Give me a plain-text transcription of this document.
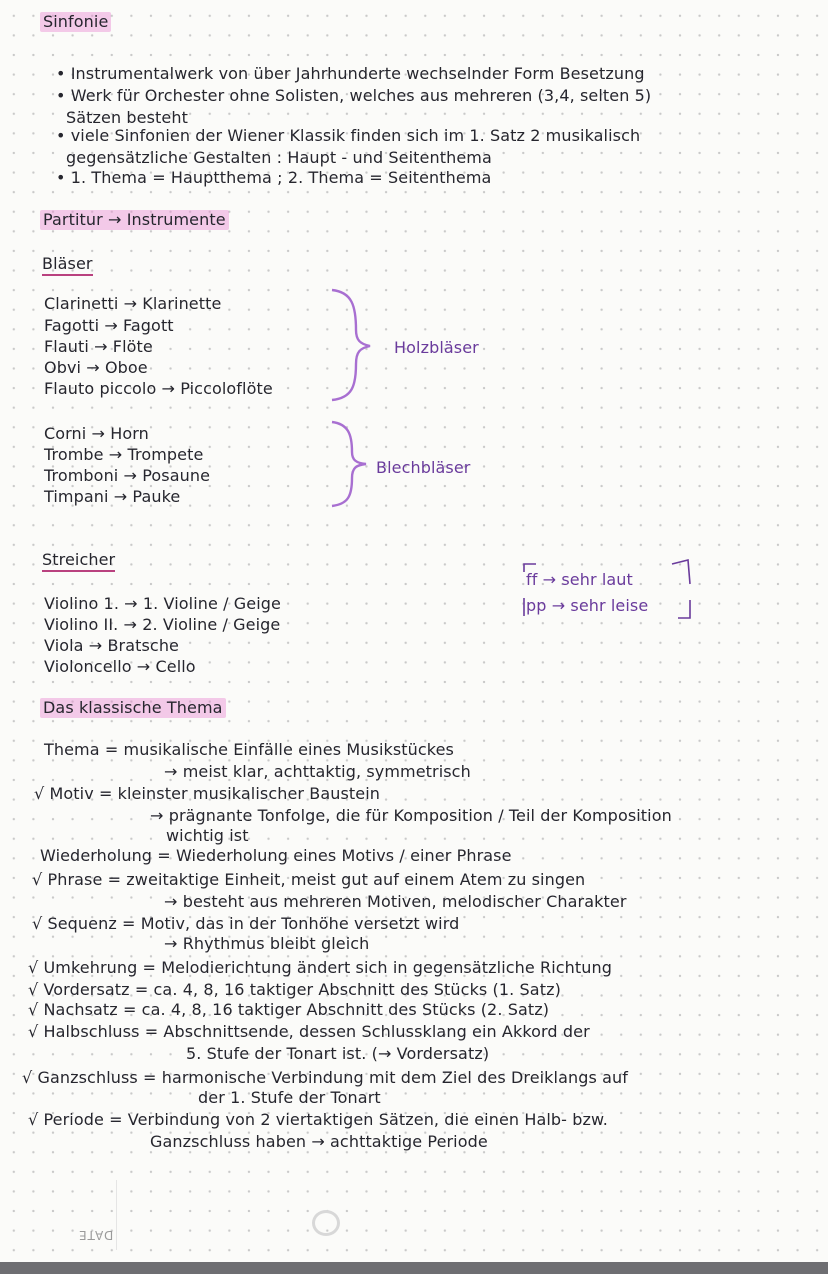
Sinfonie
• Instrumentalwerk von über Jahrhunderte wechselnder Form Besetzung
• Werk für Orchester ohne Solisten, welches aus mehreren (3,4, selten 5)
Sätzen besteht
• viele Sinfonien der Wiener Klassik finden sich im 1. Satz 2 musikalisch
gegensätzliche Gestalten : Haupt - und Seitenthema
• 1. Thema = Hauptthema ; 2. Thema = Seitenthema
Partitur → Instrumente
Bläser
Clarinetti → Klarinette
Fagotti → Fagott
Flauti → Flöte
Obvi → Oboe
Flauto piccolo → Piccoloflöte
Holzbläser
Corni → Horn
Trombe → Trompete
Tromboni → Posaune
Timpani → Pauke
Blechbläser
Streicher
Violino 1. → 1. Violine / Geige
Violino II. → 2. Violine / Geige
Viola → Bratsche
Violoncello → Cello
ff → sehr laut
pp → sehr leise
Das klassische Thema
Thema = musikalische Einfälle eines Musikstückes
→ meist klar, achttaktig, symmetrisch
√ Motiv = kleinster musikalischer Baustein
→ prägnante Tonfolge, die für Komposition / Teil der Komposition
wichtig ist
Wiederholung = Wiederholung eines Motivs / einer Phrase
√ Phrase = zweitaktige Einheit, meist gut auf einem Atem zu singen
→ besteht aus mehreren Motiven, melodischer Charakter
√ Sequenz = Motiv, das in der Tonhöhe versetzt wird
→ Rhythmus bleibt gleich
√ Umkehrung = Melodierichtung ändert sich in gegensätzliche Richtung
√ Vordersatz = ca. 4, 8, 16 taktiger Abschnitt des Stücks (1. Satz)
√ Nachsatz = ca. 4, 8, 16 taktiger Abschnitt des Stücks (2. Satz)
√ Halbschluss = Abschnittsende, dessen Schlussklang ein Akkord der
5. Stufe der Tonart ist. (→ Vordersatz)
√ Ganzschluss = harmonische Verbindung mit dem Ziel des Dreiklangs auf
der 1. Stufe der Tonart
√ Periode = Verbindung von 2 viertaktigen Sätzen, die einen Halb- bzw.
Ganzschluss haben → achttaktige Periode
DATE
